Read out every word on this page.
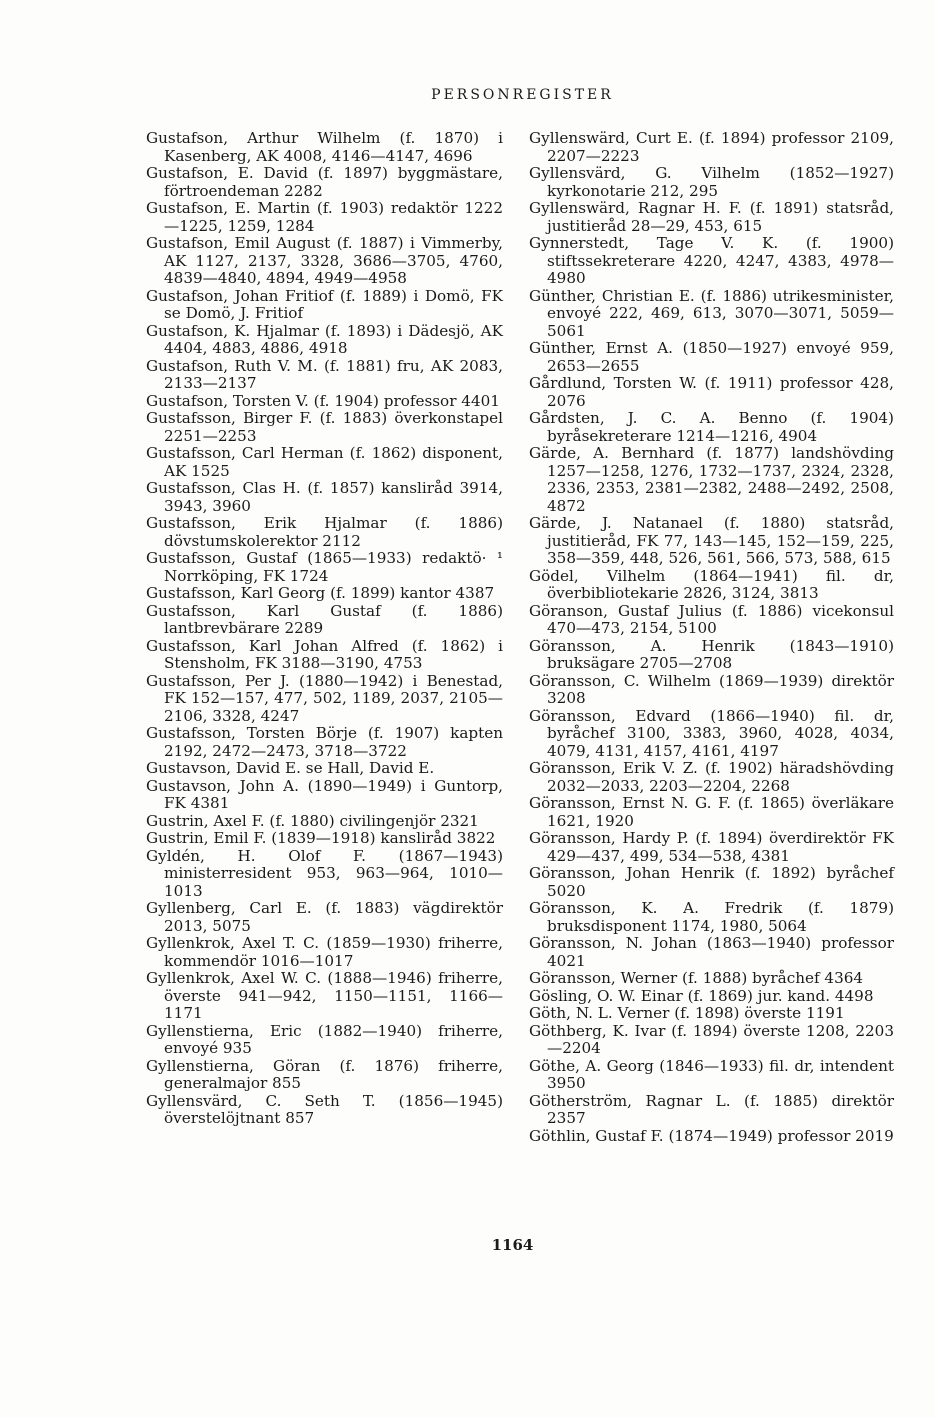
PERSONREGISTER

Gustafson, Arthur Wilhelm (f. 1870) i Kasenberg, AK 4008, 4146—4147, 4696

Gustafson, E. David (f. 1897) byggmästare, förtroendeman 2282

Gustafson, E. Martin (f. 1903) redaktör 1222—1225, 1259, 1284

Gustafson, Emil August (f. 1887) i Vimmerby, AK 1127, 2137, 3328, 3686—3705, 4760, 4839—4840, 4894, 4949—4958

Gustafson, Johan Fritiof (f. 1889) i Domö, FK se Domö, J. Fritiof

Gustafson, K. Hjalmar (f. 1893) i Dädesjö, AK 4404, 4883, 4886, 4918

Gustafson, Ruth V. M. (f. 1881) fru, AK 2083, 2133—2137

Gustafson, Torsten V. (f. 1904) professor 4401

Gustafsson, Birger F. (f. 1883) överkonstapel 2251—2253

Gustafsson, Carl Herman (f. 1862) disponent, AK 1525

Gustafsson, Clas H. (f. 1857) kansliråd 3914, 3943, 3960

Gustafsson, Erik Hjalmar (f. 1886) dövstumskolerektor 2112

Gustafsson, Gustaf (1865—1933) redaktö· ¹ Norrköping, FK 1724

Gustafsson, Karl Georg (f. 1899) kantor 4387

Gustafsson, Karl Gustaf (f. 1886) lantbrevbärare 2289

Gustafsson, Karl Johan Alfred (f. 1862) i Stensholm, FK 3188—3190, 4753

Gustafsson, Per J. (1880—1942) i Benestad, FK 152—157, 477, 502, 1189, 2037, 2105—2106, 3328, 4247

Gustafsson, Torsten Börje (f. 1907) kapten 2192, 2472—2473, 3718—3722

Gustavson, David E. se Hall, David E.

Gustavson, John A. (1890—1949) i Guntorp, FK 4381

Gustrin, Axel F. (f. 1880) civilingenjör 2321

Gustrin, Emil F. (1839—1918) kansliråd 3822

Gyldén, H. Olof F. (1867—1943) ministerresident 953, 963—964, 1010—1013

Gyllenberg, Carl E. (f. 1883) vägdirektör 2013, 5075

Gyllenkrok, Axel T. C. (1859—1930) friherre, kommendör 1016—1017

Gyllenkrok, Axel W. C. (1888—1946) friherre, överste 941—942, 1150—1151, 1166—1171

Gyllenstierna, Eric (1882—1940) friherre, envoyé 935

Gyllenstierna, Göran (f. 1876) friherre, generalmajor 855

Gyllensvärd, C. Seth T. (1856—1945) överstelöjtnant 857

Gyllenswärd, Curt E. (f. 1894) professor 2109, 2207—2223

Gyllensvärd, G. Vilhelm (1852—1927) kyrkonotarie 212, 295

Gyllenswärd, Ragnar H. F. (f. 1891) statsråd, justitieråd 28—29, 453, 615

Gynnerstedt, Tage V. K. (f. 1900) stiftssekreterare 4220, 4247, 4383, 4978—4980

Günther, Christian E. (f. 1886) utrikesminister, envoyé 222, 469, 613, 3070—3071, 5059—5061

Günther, Ernst A. (1850—1927) envoyé 959, 2653—2655

Gårdlund, Torsten W. (f. 1911) professor 428, 2076

Gårdsten, J. C. A. Benno (f. 1904) byråsekreterare 1214—1216, 4904

Gärde, A. Bernhard (f. 1877) landshövding 1257—1258, 1276, 1732—1737, 2324, 2328, 2336, 2353, 2381—2382, 2488—2492, 2508, 4872

Gärde, J. Natanael (f. 1880) statsråd, justitieråd, FK 77, 143—145, 152—159, 225, 358—359, 448, 526, 561, 566, 573, 588, 615

Gödel, Vilhelm (1864—1941) fil. dr, överbibliotekarie 2826, 3124, 3813

Göranson, Gustaf Julius (f. 1886) vicekonsul 470—473, 2154, 5100

Göransson, A. Henrik (1843—1910) bruksägare 2705—2708

Göransson, C. Wilhelm (1869—1939) direktör 3208

Göransson, Edvard (1866—1940) fil. dr, byråchef 3100, 3383, 3960, 4028, 4034, 4079, 4131, 4157, 4161, 4197

Göransson, Erik V. Z. (f. 1902) häradshövding 2032—2033, 2203—2204, 2268

Göransson, Ernst N. G. F. (f. 1865) överläkare 1621, 1920

Göransson, Hardy P. (f. 1894) överdirektör FK 429—437, 499, 534—538, 4381

Göransson, Johan Henrik (f. 1892) byråchef 5020

Göransson, K. A. Fredrik (f. 1879) bruksdisponent 1174, 1980, 5064

Göransson, N. Johan (1863—1940) professor 4021

Göransson, Werner (f. 1888) byråchef 4364

Gösling, O. W. Einar (f. 1869) jur. kand. 4498

Göth, N. L. Verner (f. 1898) överste 1191

Göthberg, K. Ivar (f. 1894) överste 1208, 2203—2204

Göthe, A. Georg (1846—1933) fil. dr, intendent 3950

Götherström, Ragnar L. (f. 1885) direktör 2357

Göthlin, Gustaf F. (1874—1949) professor 2019

1164
